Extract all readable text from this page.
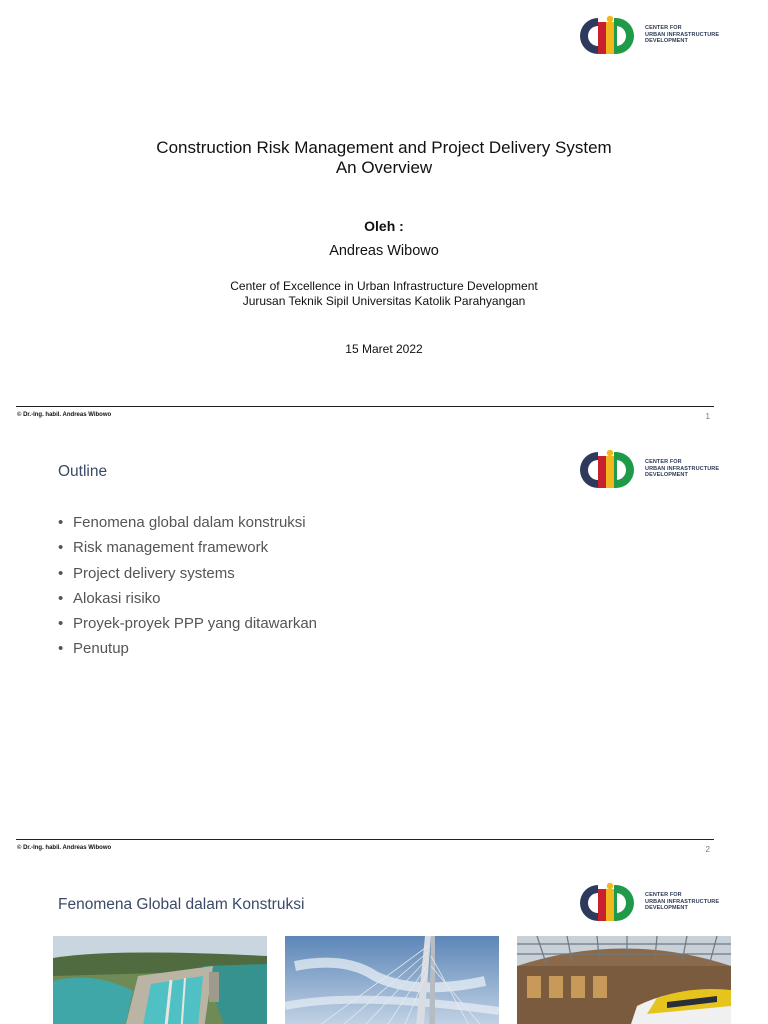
CENTER FOR
URBAN INFRASTRUCTURE
DEVELOPMENT
Construction Risk Management and Project Delivery System
An Overview
Oleh :
Andreas Wibowo
Center of Excellence in Urban Infrastructure Development
Jurusan Teknik Sipil Universitas Katolik Parahyangan
15 Maret 2022
© Dr.-Ing. habil. Andreas Wibowo	1
Outline
CENTER FOR
URBAN INFRASTRUCTURE
DEVELOPMENT
• Fenomena global dalam konstruksi
• Risk management framework
• Project delivery systems
• Alokasi risiko
• Proyek-proyek PPP yang ditawarkan
• Penutup
© Dr.-Ing. habil. Andreas Wibowo	2
Fenomena Global dalam Konstruksi
CENTER FOR
URBAN INFRASTRUCTURE
DEVELOPMENT
